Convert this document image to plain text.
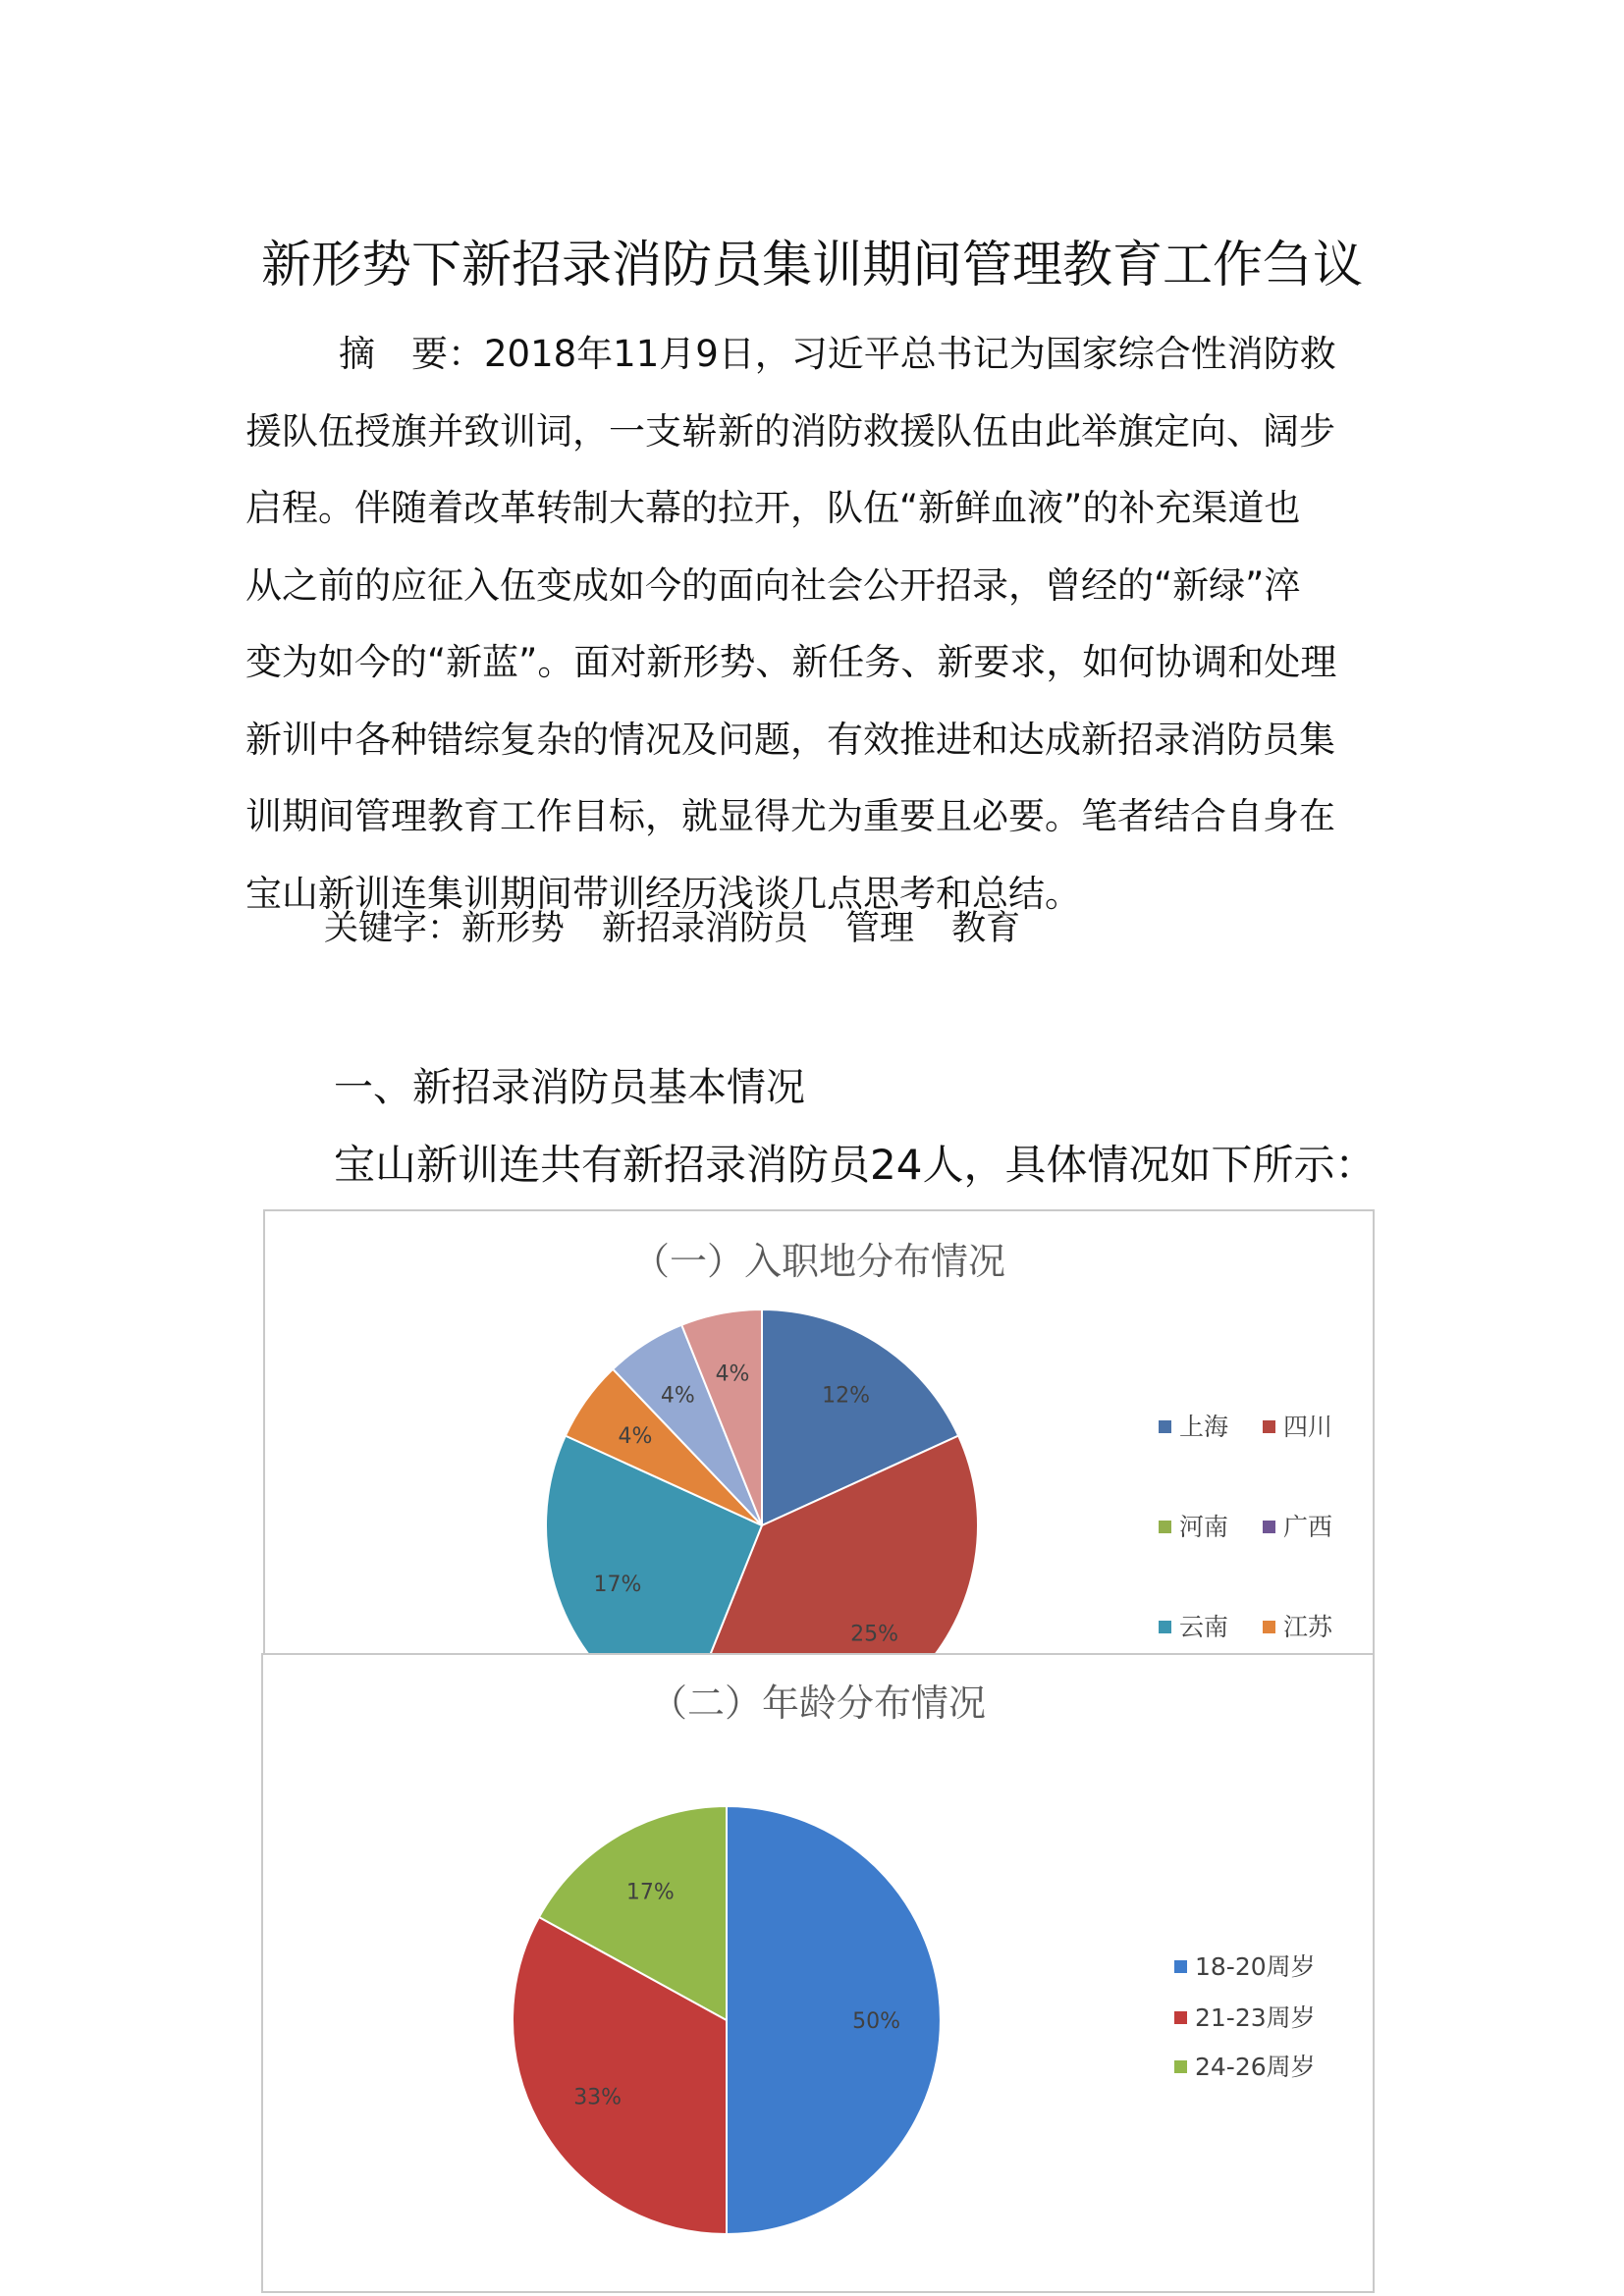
新形势下新招录消防员集训期间管理教育工作刍议
摘　要：2018年11月9日，习近平总书记为国家综合性消防救
援队伍授旗并致训词，一支崭新的消防救援队伍由此举旗定向、阔步
启程。伴随着改革转制大幕的拉开，队伍“新鲜血液”的补充渠道也
从之前的应征入伍变成如今的面向社会公开招录，曾经的“新绿”淬
变为如今的“新蓝”。面对新形势、新任务、新要求，如何协调和处理
新训中各种错综复杂的情况及问题，有效推进和达成新招录消防员集
训期间管理教育工作目标，就显得尤为重要且必要。笔者结合自身在
宝山新训连集训期间带训经历浅谈几点思考和总结。
关键字：新形势 新招录消防员 管理 教育
一、新招录消防员基本情况
宝山新训连共有新招录消防员24人，具体情况如下所示：
（一）入职地分布情况
12%
25%
17%
4%
4%
4%
上海	四川
河南	广西
云南	江苏
（二）年龄分布情况
50%
33%
17%
18-20周岁
21-23周岁
24-26周岁
